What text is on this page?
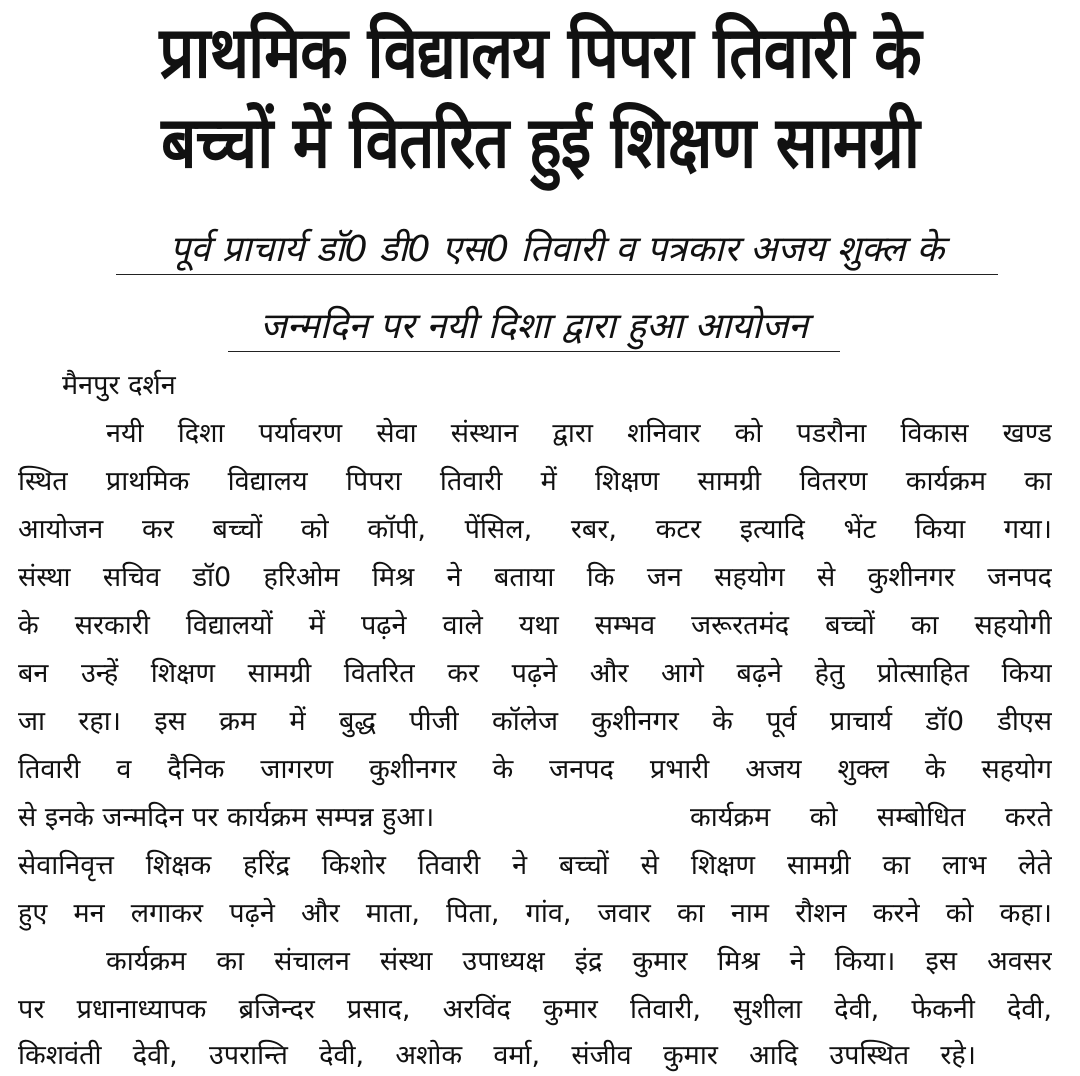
प्राथमिक विद्यालय पिपरा तिवारी के
बच्चों में वितरित हुई शिक्षण सामग्री
पूर्व प्राचार्य डॉ0 डी0 एस0 तिवारी व पत्रकार अजय शुक्ल के
जन्मदिन पर नयी दिशा द्वारा हुआ आयोजन
मैनपुर दर्शन
नयी दिशा पर्यावरण सेवा संस्थान द्वारा शनिवार को पडरौना विकास खण्ड
स्थित प्राथमिक विद्यालय पिपरा तिवारी में शिक्षण सामग्री वितरण कार्यक्रम का
आयोजन कर बच्चों को कॉपी, पेंसिल, रबर, कटर इत्यादि भेंट किया गया।
संस्था सचिव डॉ0 हरिओम मिश्र ने बताया कि जन सहयोग से कुशीनगर जनपद
के सरकारी विद्यालयों में पढ़ने वाले यथा सम्भव जरूरतमंद बच्चों का सहयोगी
बन उन्हें शिक्षण सामग्री वितरित कर पढ़ने और आगे बढ़ने हेतु प्रोत्साहित किया
जा रहा। इस क्रम में बुद्ध पीजी कॉलेज कुशीनगर के पूर्व प्राचार्य डॉ0 डीएस
तिवारी व दैनिक जागरण कुशीनगर के जनपद प्रभारी अजय शुक्ल के सहयोग
से इनके जन्मदिन पर कार्यक्रम सम्पन्न हुआ।	कार्यक्रम को सम्बोधित करते
सेवानिवृत्त शिक्षक हरिंद्र किशोर तिवारी ने बच्चों से शिक्षण सामग्री का लाभ लेते
हुए मन लगाकर पढ़ने और माता, पिता, गांव, जवार का नाम रौशन करने को कहा।
कार्यक्रम का संचालन संस्था उपाध्यक्ष इंद्र कुमार मिश्र ने किया। इस अवसर
पर प्रधानाध्यापक ब्रजिन्दर प्रसाद, अरविंद कुमार तिवारी, सुशीला देवी, फेकनी देवी,
किशवंती देवी, उपरान्ति देवी, अशोक वर्मा, संजीव कुमार आदि उपस्थित रहे।
